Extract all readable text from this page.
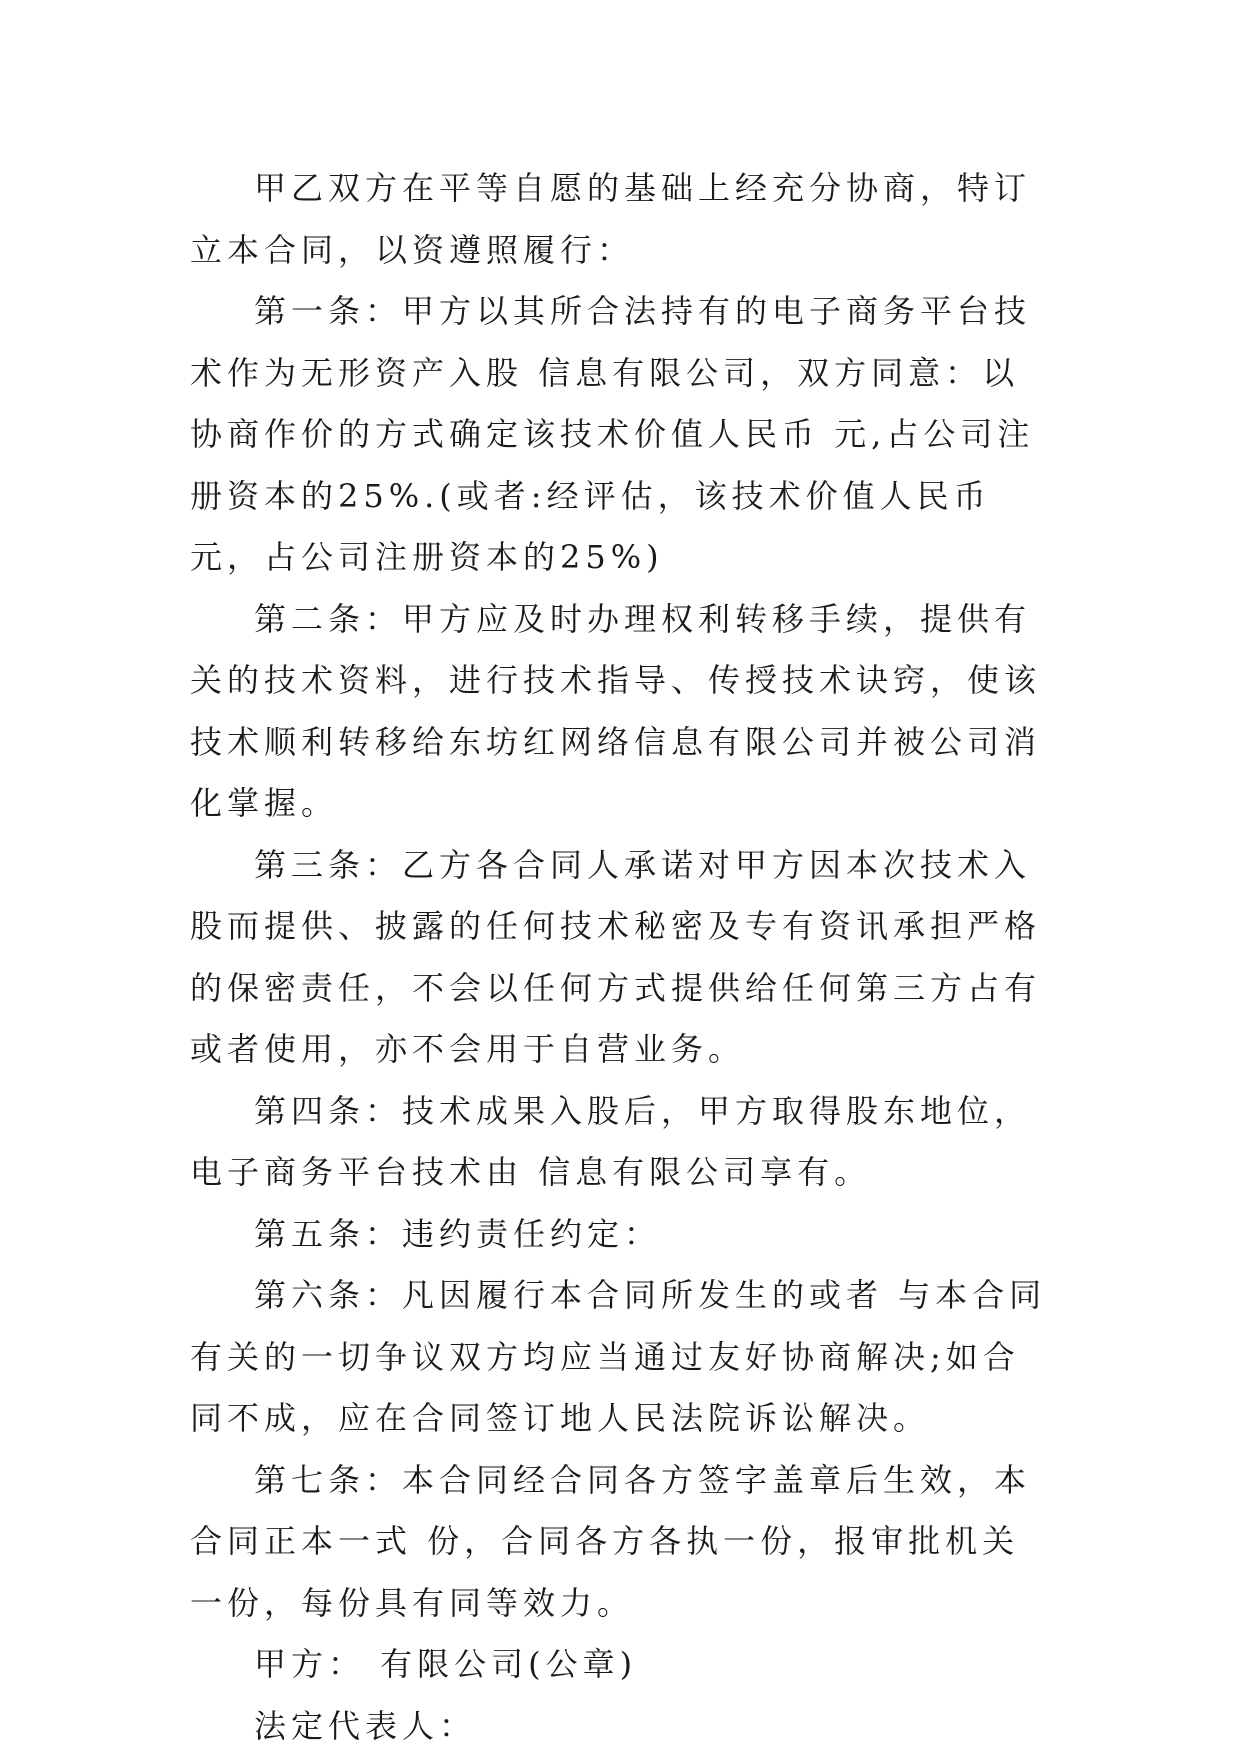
甲乙双方在平等自愿的基础上经充分协商，特订立本合同，以资遵照履行：

第一条：甲方以其所合法持有的电子商务平台技术作为无形资产入股 信息有限公司，双方同意：以协商作价的方式确定该技术价值人民币 元,占公司注册资本的25%.(或者:经评估，该技术价值人民币 元，占公司注册资本的25%)

第二条：甲方应及时办理权利转移手续，提供有关的技术资料，进行技术指导、传授技术诀窍，使该技术顺利转移给东坊红网络信息有限公司并被公司消化掌握。

第三条：乙方各合同人承诺对甲方因本次技术入股而提供、披露的任何技术秘密及专有资讯承担严格的保密责任，不会以任何方式提供给任何第三方占有或者使用，亦不会用于自营业务。

第四条：技术成果入股后，甲方取得股东地位，电子商务平台技术由 信息有限公司享有。

第五条：违约责任约定：

第六条：凡因履行本合同所发生的或者 与本合同有关的一切争议双方均应当通过友好协商解决;如合同不成，应在合同签订地人民法院诉讼解决。

第七条：本合同经合同各方签字盖章后生效，本合同正本一式 份，合同各方各执一份，报审批机关一份，每份具有同等效力。

甲方： 有限公司(公章)

法定代表人：
